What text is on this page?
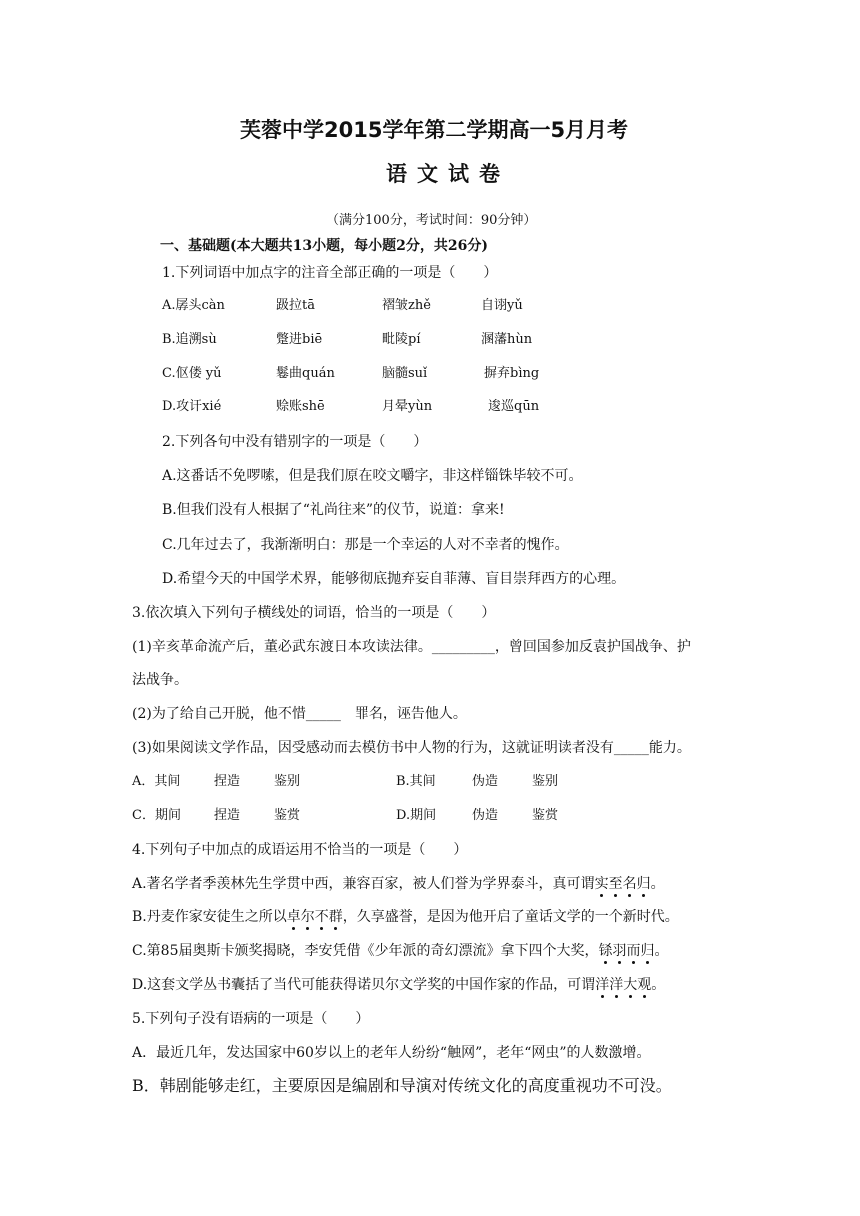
芙蓉中学2015学年第二学期高一5月月考
语文试卷
（满分100分，考试时间：90分钟）
一、基础题(本大题共13小题，每小题2分，共26分)
1.下列词语中加点字的注音全部正确的一项是（　　）
A.孱头càn	趿拉tā	褶皱zhě	自诩yǔ
B.追溯sù	蹩进biē	毗陵pí	溷藩hùn
C.伛偻 yǔ	鬈曲quán	脑髓suǐ	摒弃bìng
D.攻讦xié	赊账shē	月晕yùn	逡巡qūn
2.下列各句中没有错别字的一项是（　　）
A.这番话不免啰嗦，但是我们原在咬文嚼字，非这样锱铢毕较不可。
B.但我们没有人根据了“礼尚往来”的仪节，说道：拿来!
C.几年过去了，我渐渐明白：那是一个幸运的人对不幸者的愧作。
D.希望今天的中国学术界，能够彻底抛弃妄自菲薄、盲目崇拜西方的心理。
3.依次填入下列句子横线处的词语，恰当的一项是（　　）
(1)辛亥革命流产后，董必武东渡日本攻读法律。_________，曾回国参加反袁护国战争、护
法战争。
(2)为了给自己开脱，他不惜_____　罪名，诬告他人。
(3)如果阅读文学作品，因受感动而去模仿书中人物的行为，这就证明读者没有_____能力。
A．其间	捏造	鉴别	B.其间	伪造	鉴别
C．期间	捏造	鉴赏	D.期间	伪造	鉴赏
4.下列句子中加点的成语运用不恰当的一项是（　　）
A.著名学者季羡林先生学贯中西，兼容百家，被人们誉为学界泰斗，真可谓实至名归。
B.丹麦作家安徒生之所以卓尔不群，久享盛誉，是因为他开启了童话文学的一个新时代。
C.第85届奥斯卡颁奖揭晓，李安凭借《少年派的奇幻漂流》拿下四个大奖，铩羽而归。
D.这套文学丛书囊括了当代可能获得诺贝尔文学奖的中国作家的作品，可谓洋洋大观。
5.下列句子没有语病的一项是（　　）
A．最近几年，发达国家中60岁以上的老年人纷纷“触网”，老年“网虫”的人数激增。
B．韩剧能够走红，主要原因是编剧和导演对传统文化的高度重视功不可没。
